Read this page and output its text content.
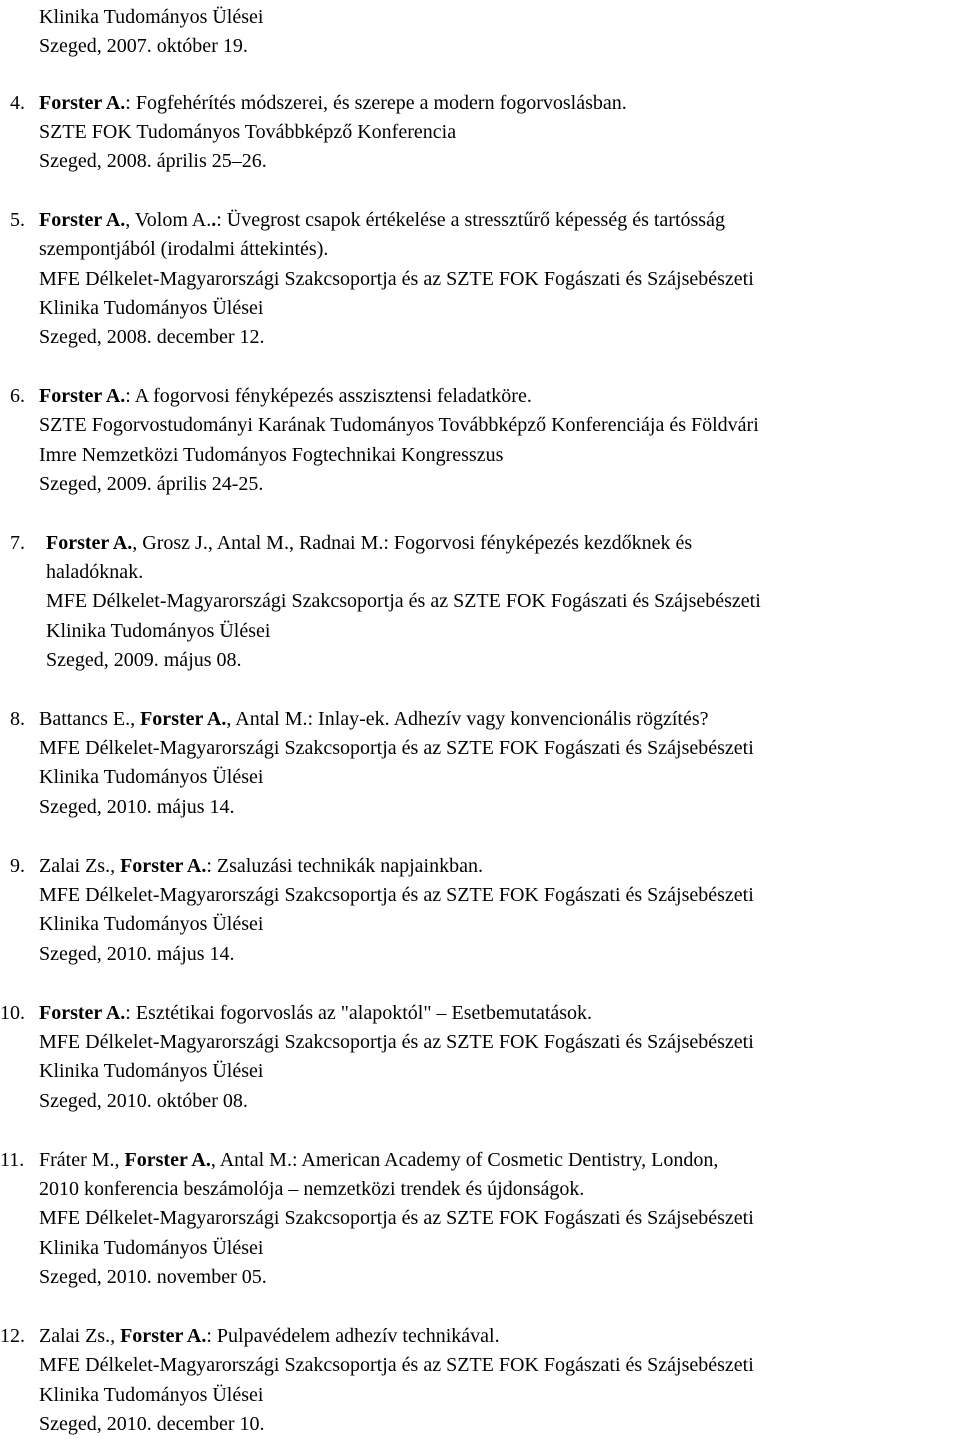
Klinika Tudományos Ülései
Szeged, 2007. október 19.
4. Forster A.: Fogfehérítés módszerei, és szerepe a modern fogorvoslásban.
SZTE FOK Tudományos Továbbképző Konferencia
Szeged, 2008. április 25–26.
5. Forster A., Volom A..: Üvegrost csapok értékelése a stressztűrő képesség és tartósság
szempontjából (irodalmi áttekintés).
MFE Délkelet-Magyarországi Szakcsoportja és az SZTE FOK Fogászati és Szájsebészeti
Klinika Tudományos Ülései
Szeged, 2008. december 12.
6. Forster A.: A fogorvosi fényképezés asszisztensi feladatköre.
SZTE Fogorvostudományi Karának Tudományos Továbbképző Konferenciája és Földvári
Imre Nemzetközi Tudományos Fogtechnikai Kongresszus
Szeged, 2009. április 24-25.
7. Forster A., Grosz J., Antal M., Radnai M.: Fogorvosi fényképezés kezdőknek és
haladóknak.
MFE Délkelet-Magyarországi Szakcsoportja és az SZTE FOK Fogászati és Szájsebészeti
Klinika Tudományos Ülései
Szeged, 2009. május 08.
8. Battancs E., Forster A., Antal M.: Inlay-ek. Adhezív vagy konvencionális rögzítés?
MFE Délkelet-Magyarországi Szakcsoportja és az SZTE FOK Fogászati és Szájsebészeti
Klinika Tudományos Ülései
Szeged, 2010. május 14.
9. Zalai Zs., Forster A.: Zsaluzási technikák napjainkban.
MFE Délkelet-Magyarországi Szakcsoportja és az SZTE FOK Fogászati és Szájsebészeti
Klinika Tudományos Ülései
Szeged, 2010. május 14.
10. Forster A.: Esztétikai fogorvoslás az "alapoktól" – Esetbemutatások.
MFE Délkelet-Magyarországi Szakcsoportja és az SZTE FOK Fogászati és Szájsebészeti
Klinika Tudományos Ülései
Szeged, 2010. október 08.
11. Fráter M., Forster A., Antal M.: American Academy of Cosmetic Dentistry, London,
2010 konferencia beszámolója – nemzetközi trendek és újdonságok.
MFE Délkelet-Magyarországi Szakcsoportja és az SZTE FOK Fogászati és Szájsebészeti
Klinika Tudományos Ülései
Szeged, 2010. november 05.
12. Zalai Zs., Forster A.: Pulpavédelem adhezív technikával.
MFE Délkelet-Magyarországi Szakcsoportja és az SZTE FOK Fogászati és Szájsebészeti
Klinika Tudományos Ülései
Szeged, 2010. december 10.
